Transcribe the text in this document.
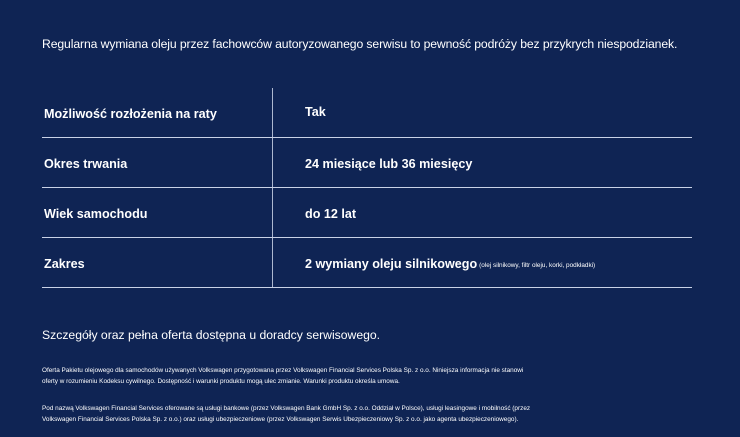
Regularna wymiana oleju przez fachowców autoryzowanego serwisu to pewność podróży bez przykrych niespodzianek.
Możliwość rozłożenia na raty	Tak
Okres trwania	24 miesiące lub 36 miesięcy
Wiek samochodu	do 12 lat
Zakres	2 wymiany oleju silnikowego (olej silnikowy, filtr oleju, korki, podkładki)
Szczegóły oraz pełna oferta dostępna u doradcy serwisowego.
Oferta Pakietu olejowego dla samochodów używanych Volkswagen przygotowana przez Volkswagen Financial Services Polska Sp. z o.o. Niniejsza informacja nie stanowi
oferty w rozumieniu Kodeksu cywilnego. Dostępność i warunki produktu mogą ulec zmianie. Warunki produktu określa umowa.
Pod nazwą Volkswagen Financial Services oferowane są usługi bankowe (przez Volkswagen Bank GmbH Sp. z o.o. Oddział w Polsce), usługi leasingowe i mobilność (przez
Volkswagen Financial Services Polska Sp. z o.o.) oraz usługi ubezpieczeniowe (przez Volkswagen Serwis Ubezpieczeniowy Sp. z o.o. jako agenta ubezpieczeniowego).
